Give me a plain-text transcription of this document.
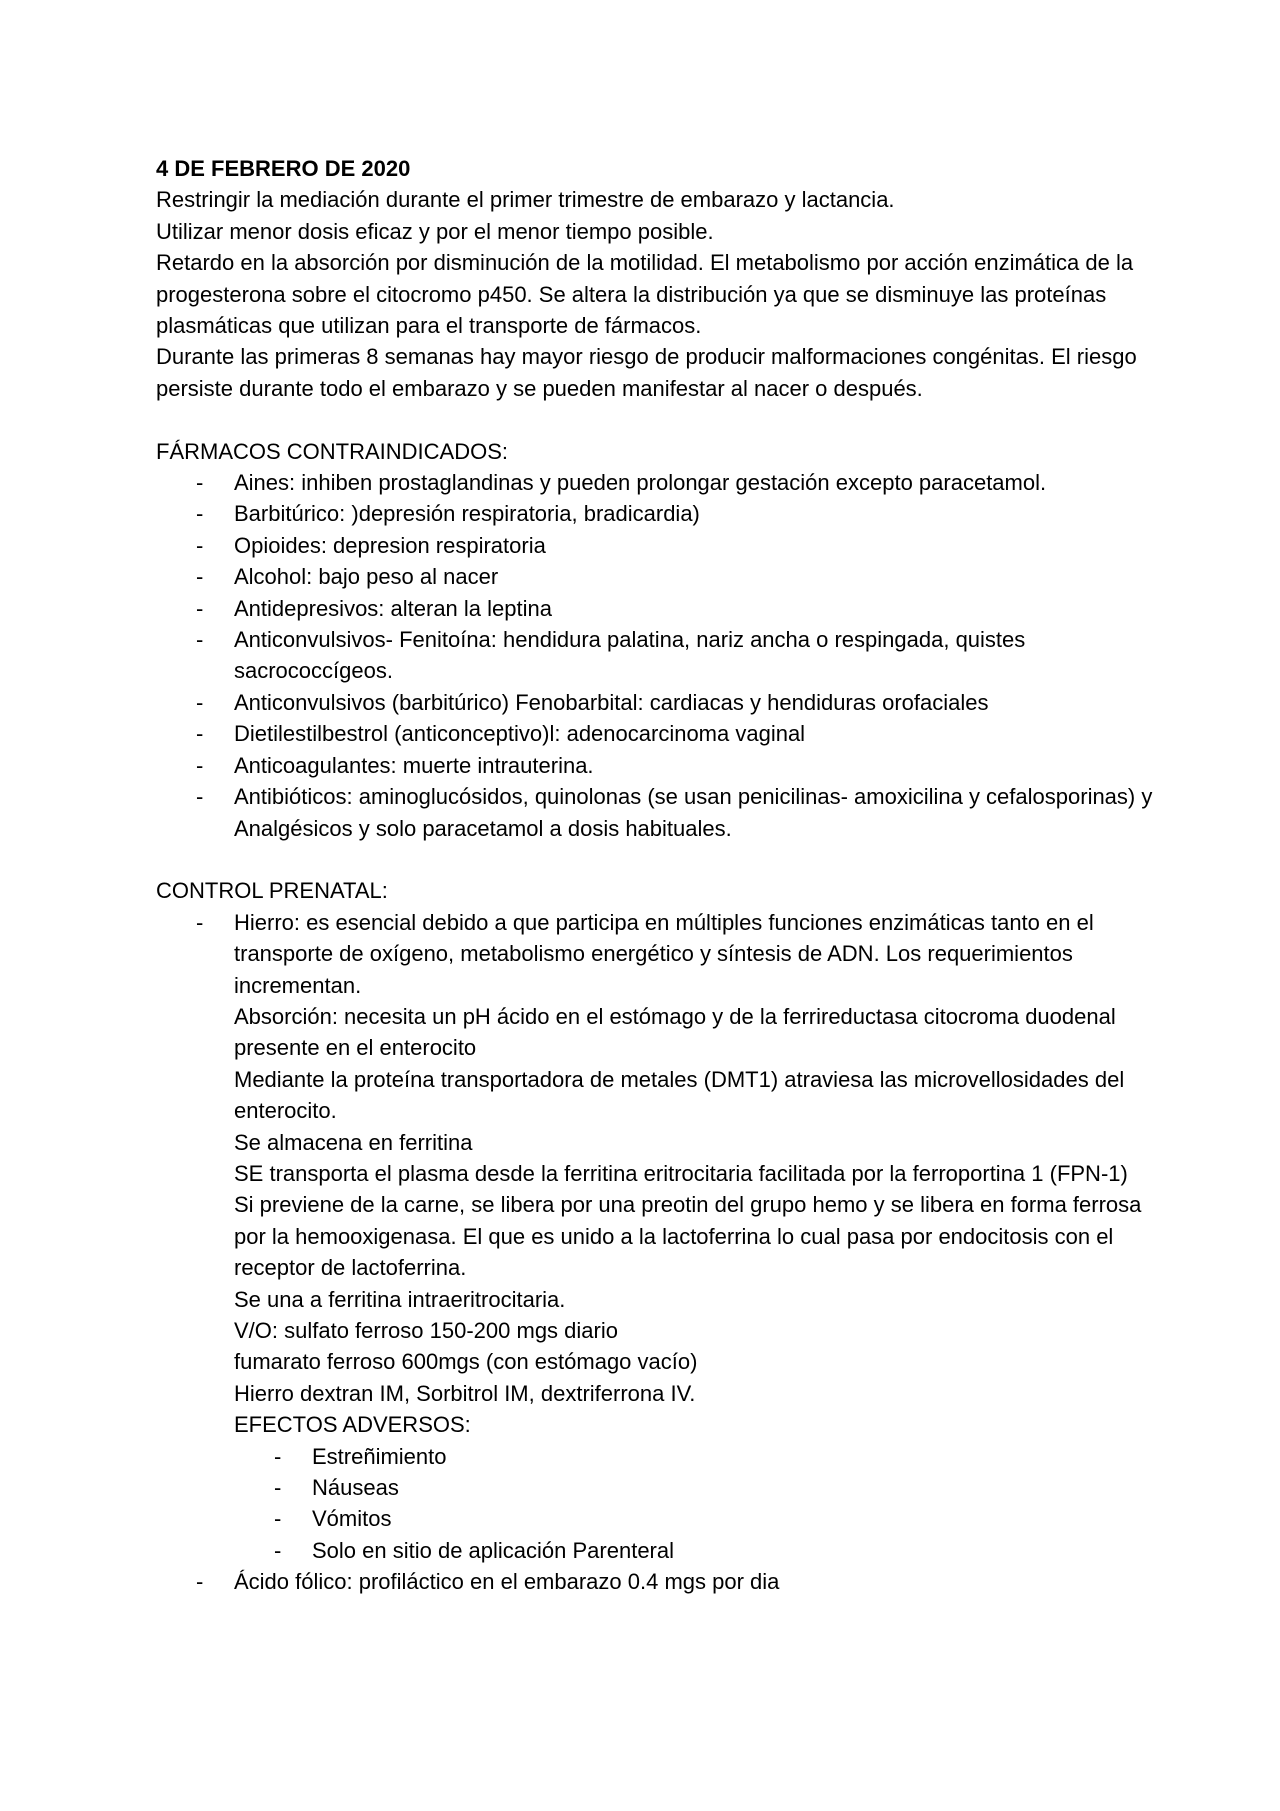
4 DE FEBRERO DE 2020

Restringir la mediación durante el primer trimestre de embarazo y lactancia.

Utilizar menor dosis eficaz y por el menor tiempo posible.

Retardo en la absorción por disminución de la motilidad. El metabolismo por acción enzimática de la progesterona sobre el citocromo p450. Se altera la distribución ya que se disminuye las proteínas plasmáticas que utilizan para el transporte de fármacos.

Durante las primeras 8 semanas hay mayor riesgo de producir malformaciones congénitas. El riesgo persiste durante todo el embarazo y se pueden manifestar al nacer o después.

FÁRMACOS CONTRAINDICADOS:
- Aines: inhiben prostaglandinas y pueden prolongar gestación excepto paracetamol.
- Barbitúrico: )depresión respiratoria, bradicardia)
- Opioides: depresion respiratoria
- Alcohol: bajo peso al nacer
- Antidepresivos: alteran la leptina
- Anticonvulsivos- Fenitoína: hendidura palatina, nariz ancha o respingada, quistes sacrococcígeos.
- Anticonvulsivos (barbitúrico) Fenobarbital: cardiacas y hendiduras orofaciales
- Dietilestilbestrol (anticonceptivo)l: adenocarcinoma vaginal
- Anticoagulantes: muerte intrauterina.
- Antibióticos: aminoglucósidos, quinolonas (se usan penicilinas- amoxicilina y cefalosporinas) y Analgésicos y solo paracetamol a dosis habituales.
CONTROL PRENATAL:
- Hierro: es esencial debido a que participa en múltiples funciones enzimáticas tanto en el transporte de oxígeno, metabolismo energético y síntesis de ADN. Los requerimientos incrementan.
Absorción: necesita un pH ácido en el estómago y de la ferrireductasa citocroma duodenal presente en el enterocito
Mediante la proteína transportadora de metales (DMT1) atraviesa las microvellosidades del enterocito.
Se almacena en ferritina
SE transporta el plasma desde la ferritina eritrocitaria facilitada por la ferroportina 1 (FPN-1)
Si previene de la carne, se libera por una preotin del grupo hemo y se libera en forma ferrosa por la hemooxigenasa. El que es unido a la lactoferrina lo cual pasa por endocitosis con el receptor de lactoferrina.
Se una a ferritina intraeritrocitaria.
V/O: sulfato ferroso 150-200 mgs diario
fumarato ferroso 600mgs (con estómago vacío)
Hierro dextran IM, Sorbitrol IM, dextriferrona IV.
EFECTOS ADVERSOS:
- Estreñimiento
- Náuseas
- Vómitos
- Solo en sitio de aplicación Parenteral
- Ácido fólico: profiláctico en el embarazo 0.4 mgs por dia
